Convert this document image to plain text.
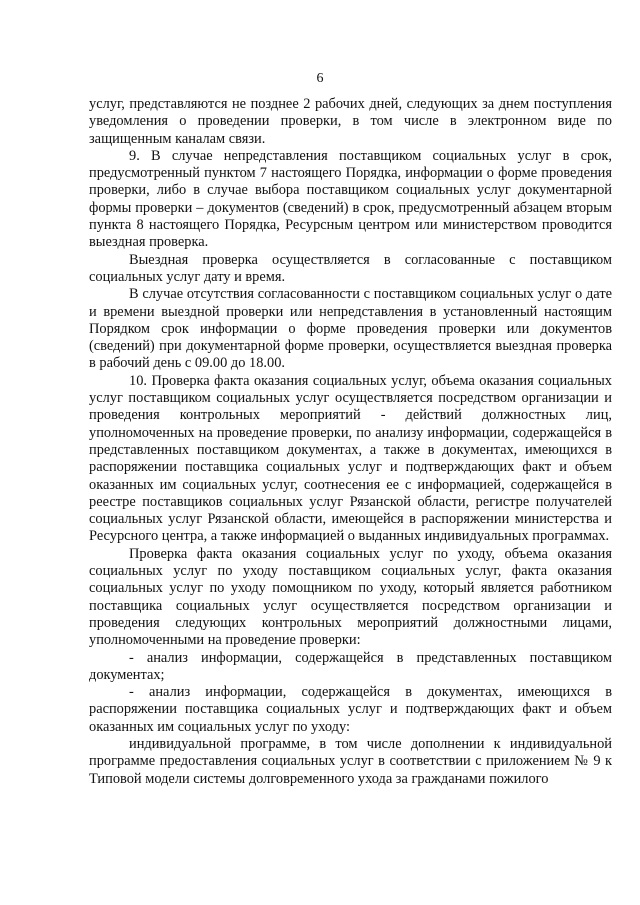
6

услуг, представляются не позднее 2 рабочих дней, следующих за днем поступления уведомления о проведении проверки, в том числе в электронном виде по защищенным каналам связи.

9. В случае непредставления поставщиком социальных услуг в срок, предусмотренный пунктом 7 настоящего Порядка, информации о форме проведения проверки, либо в случае выбора поставщиком социальных услуг документарной формы проверки – документов (сведений) в срок, предусмотренный абзацем вторым пункта 8 настоящего Порядка, Ресурсным центром или министерством проводится выездная проверка.

Выездная проверка осуществляется в согласованные с поставщиком социальных услуг дату и время.

В случае отсутствия согласованности с поставщиком социальных услуг о дате и времени выездной проверки или непредставления в установленный настоящим Порядком срок информации о форме проведения проверки или документов (сведений) при документарной форме проверки, осуществляется выездная проверка в рабочий день с 09.00 до 18.00.

10. Проверка факта оказания социальных услуг, объема оказания социальных услуг поставщиком социальных услуг осуществляется посредством организации и проведения контрольных мероприятий - действий должностных лиц, уполномоченных на проведение проверки, по анализу информации, содержащейся в представленных поставщиком документах, а также в документах, имеющихся в распоряжении поставщика социальных услуг и подтверждающих факт и объем оказанных им социальных услуг, соотнесения ее с информацией, содержащейся в реестре поставщиков социальных услуг Рязанской области, регистре получателей социальных услуг Рязанской области, имеющейся в распоряжении министерства и Ресурсного центра, а также информацией о выданных индивидуальных программах.

Проверка факта оказания социальных услуг по уходу, объема оказания социальных услуг по уходу поставщиком социальных услуг, факта оказания социальных услуг по уходу помощником по уходу, который является работником поставщика социальных услуг осуществляется посредством организации и проведения следующих контрольных мероприятий должностными лицами, уполномоченными на проведение проверки:

- анализ информации, содержащейся в представленных поставщиком документах;

- анализ информации, содержащейся в документах, имеющихся в распоряжении поставщика социальных услуг и подтверждающих факт и объем оказанных им социальных услуг по уходу:

индивидуальной программе, в том числе дополнении к индивидуальной программе предоставления социальных услуг в соответствии с приложением № 9 к Типовой модели системы долговременного ухода за гражданами пожилого
